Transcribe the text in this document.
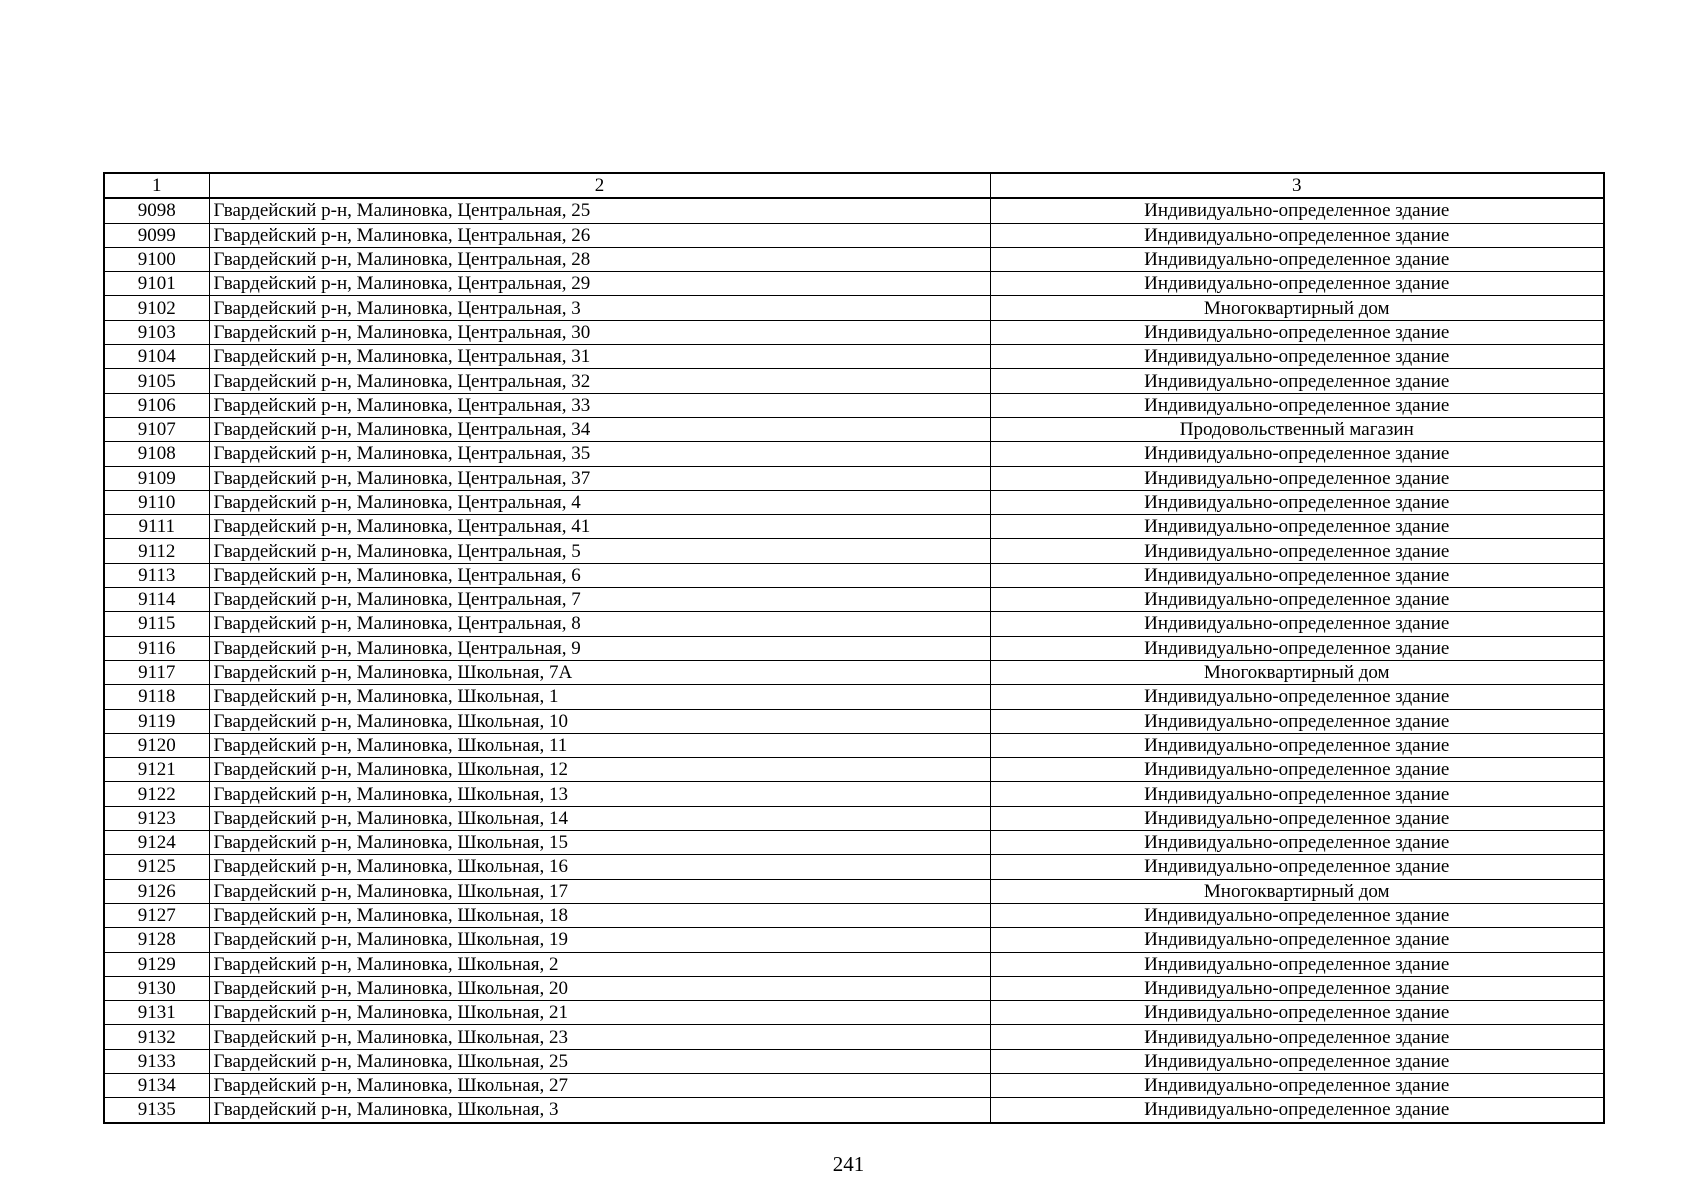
1	2	3
9098	Гвардейский р-н, Малиновка, Центральная, 25	Индивидуально-определенное здание
9099	Гвардейский р-н, Малиновка, Центральная, 26	Индивидуально-определенное здание
9100	Гвардейский р-н, Малиновка, Центральная, 28	Индивидуально-определенное здание
9101	Гвардейский р-н, Малиновка, Центральная, 29	Индивидуально-определенное здание
9102	Гвардейский р-н, Малиновка, Центральная, 3	Многоквартирный дом
9103	Гвардейский р-н, Малиновка, Центральная, 30	Индивидуально-определенное здание
9104	Гвардейский р-н, Малиновка, Центральная, 31	Индивидуально-определенное здание
9105	Гвардейский р-н, Малиновка, Центральная, 32	Индивидуально-определенное здание
9106	Гвардейский р-н, Малиновка, Центральная, 33	Индивидуально-определенное здание
9107	Гвардейский р-н, Малиновка, Центральная, 34	Продовольственный магазин
9108	Гвардейский р-н, Малиновка, Центральная, 35	Индивидуально-определенное здание
9109	Гвардейский р-н, Малиновка, Центральная, 37	Индивидуально-определенное здание
9110	Гвардейский р-н, Малиновка, Центральная, 4	Индивидуально-определенное здание
9111	Гвардейский р-н, Малиновка, Центральная, 41	Индивидуально-определенное здание
9112	Гвардейский р-н, Малиновка, Центральная, 5	Индивидуально-определенное здание
9113	Гвардейский р-н, Малиновка, Центральная, 6	Индивидуально-определенное здание
9114	Гвардейский р-н, Малиновка, Центральная, 7	Индивидуально-определенное здание
9115	Гвардейский р-н, Малиновка, Центральная, 8	Индивидуально-определенное здание
9116	Гвардейский р-н, Малиновка, Центральная, 9	Индивидуально-определенное здание
9117	Гвардейский р-н, Малиновка, Школьная, 7А	Многоквартирный дом
9118	Гвардейский р-н, Малиновка, Школьная, 1	Индивидуально-определенное здание
9119	Гвардейский р-н, Малиновка, Школьная, 10	Индивидуально-определенное здание
9120	Гвардейский р-н, Малиновка, Школьная, 11	Индивидуально-определенное здание
9121	Гвардейский р-н, Малиновка, Школьная, 12	Индивидуально-определенное здание
9122	Гвардейский р-н, Малиновка, Школьная, 13	Индивидуально-определенное здание
9123	Гвардейский р-н, Малиновка, Школьная, 14	Индивидуально-определенное здание
9124	Гвардейский р-н, Малиновка, Школьная, 15	Индивидуально-определенное здание
9125	Гвардейский р-н, Малиновка, Школьная, 16	Индивидуально-определенное здание
9126	Гвардейский р-н, Малиновка, Школьная, 17	Многоквартирный дом
9127	Гвардейский р-н, Малиновка, Школьная, 18	Индивидуально-определенное здание
9128	Гвардейский р-н, Малиновка, Школьная, 19	Индивидуально-определенное здание
9129	Гвардейский р-н, Малиновка, Школьная, 2	Индивидуально-определенное здание
9130	Гвардейский р-н, Малиновка, Школьная, 20	Индивидуально-определенное здание
9131	Гвардейский р-н, Малиновка, Школьная, 21	Индивидуально-определенное здание
9132	Гвардейский р-н, Малиновка, Школьная, 23	Индивидуально-определенное здание
9133	Гвардейский р-н, Малиновка, Школьная, 25	Индивидуально-определенное здание
9134	Гвардейский р-н, Малиновка, Школьная, 27	Индивидуально-определенное здание
9135	Гвардейский р-н, Малиновка, Школьная, 3	Индивидуально-определенное здание
241
